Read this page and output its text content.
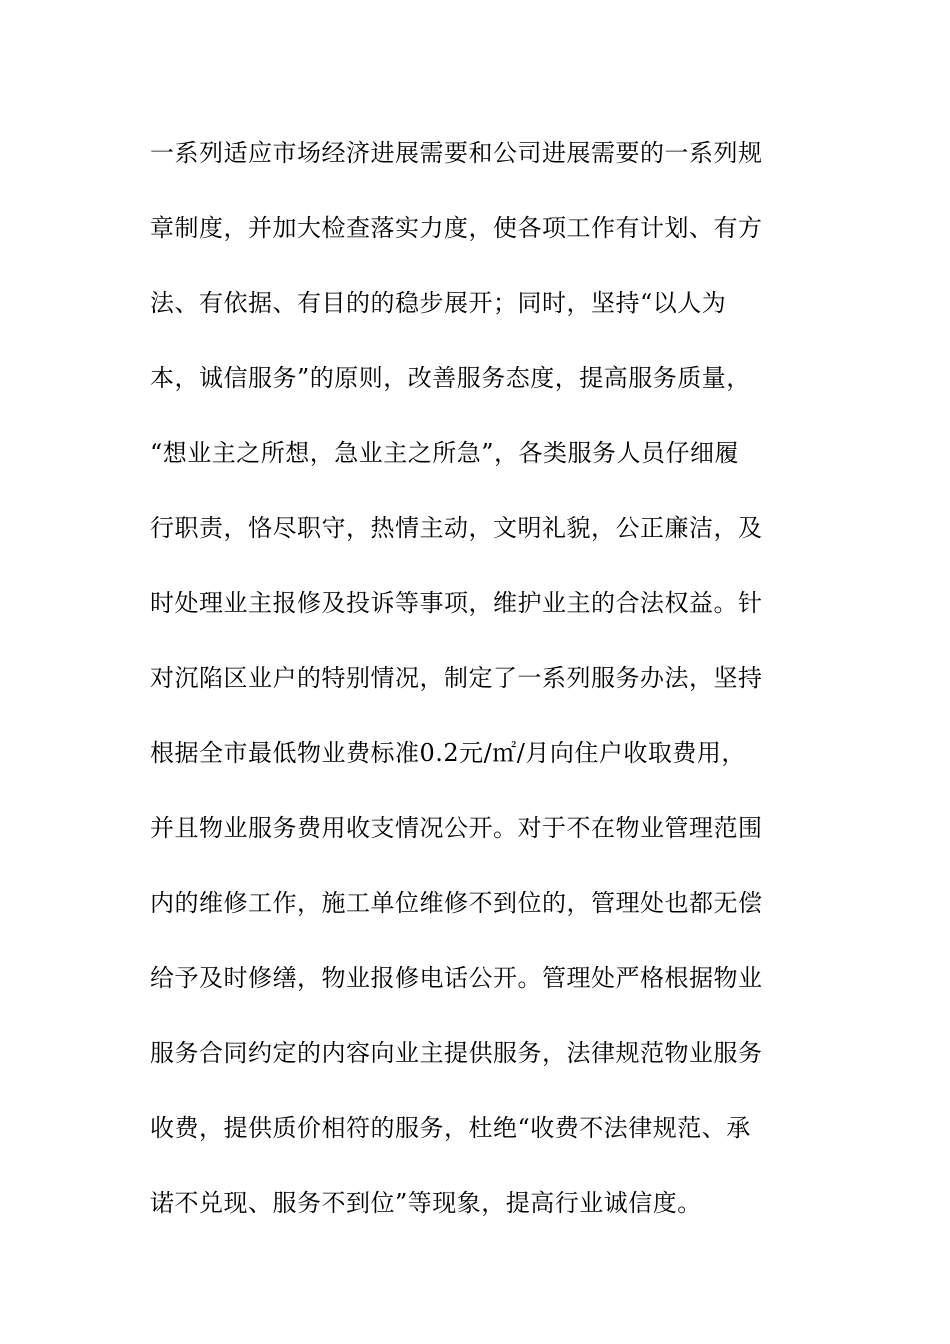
一系列适应市场经济进展需要和公司进展需要的一系列规
章制度，并加大检查落实力度，使各项工作有计划、有方
法、有依据、有目的的稳步展开；同时，坚持“以人为
本，诚信服务”的原则，改善服务态度，提高服务质量，
“想业主之所想，急业主之所急”，各类服务人员仔细履
行职责，恪尽职守，热情主动，文明礼貌，公正廉洁，及
时处理业主报修及投诉等事项，维护业主的合法权益。针
对沉陷区业户的特别情况，制定了一系列服务办法，坚持
根据全市最低物业费标准0.2元/㎡/月向住户收取费用，
并且物业服务费用收支情况公开。对于不在物业管理范围
内的维修工作，施工单位维修不到位的，管理处也都无偿
给予及时修缮，物业报修电话公开。管理处严格根据物业
服务合同约定的内容向业主提供服务，法律规范物业服务
收费，提供质价相符的服务，杜绝“收费不法律规范、承
诺不兑现、服务不到位”等现象，提高行业诚信度。
